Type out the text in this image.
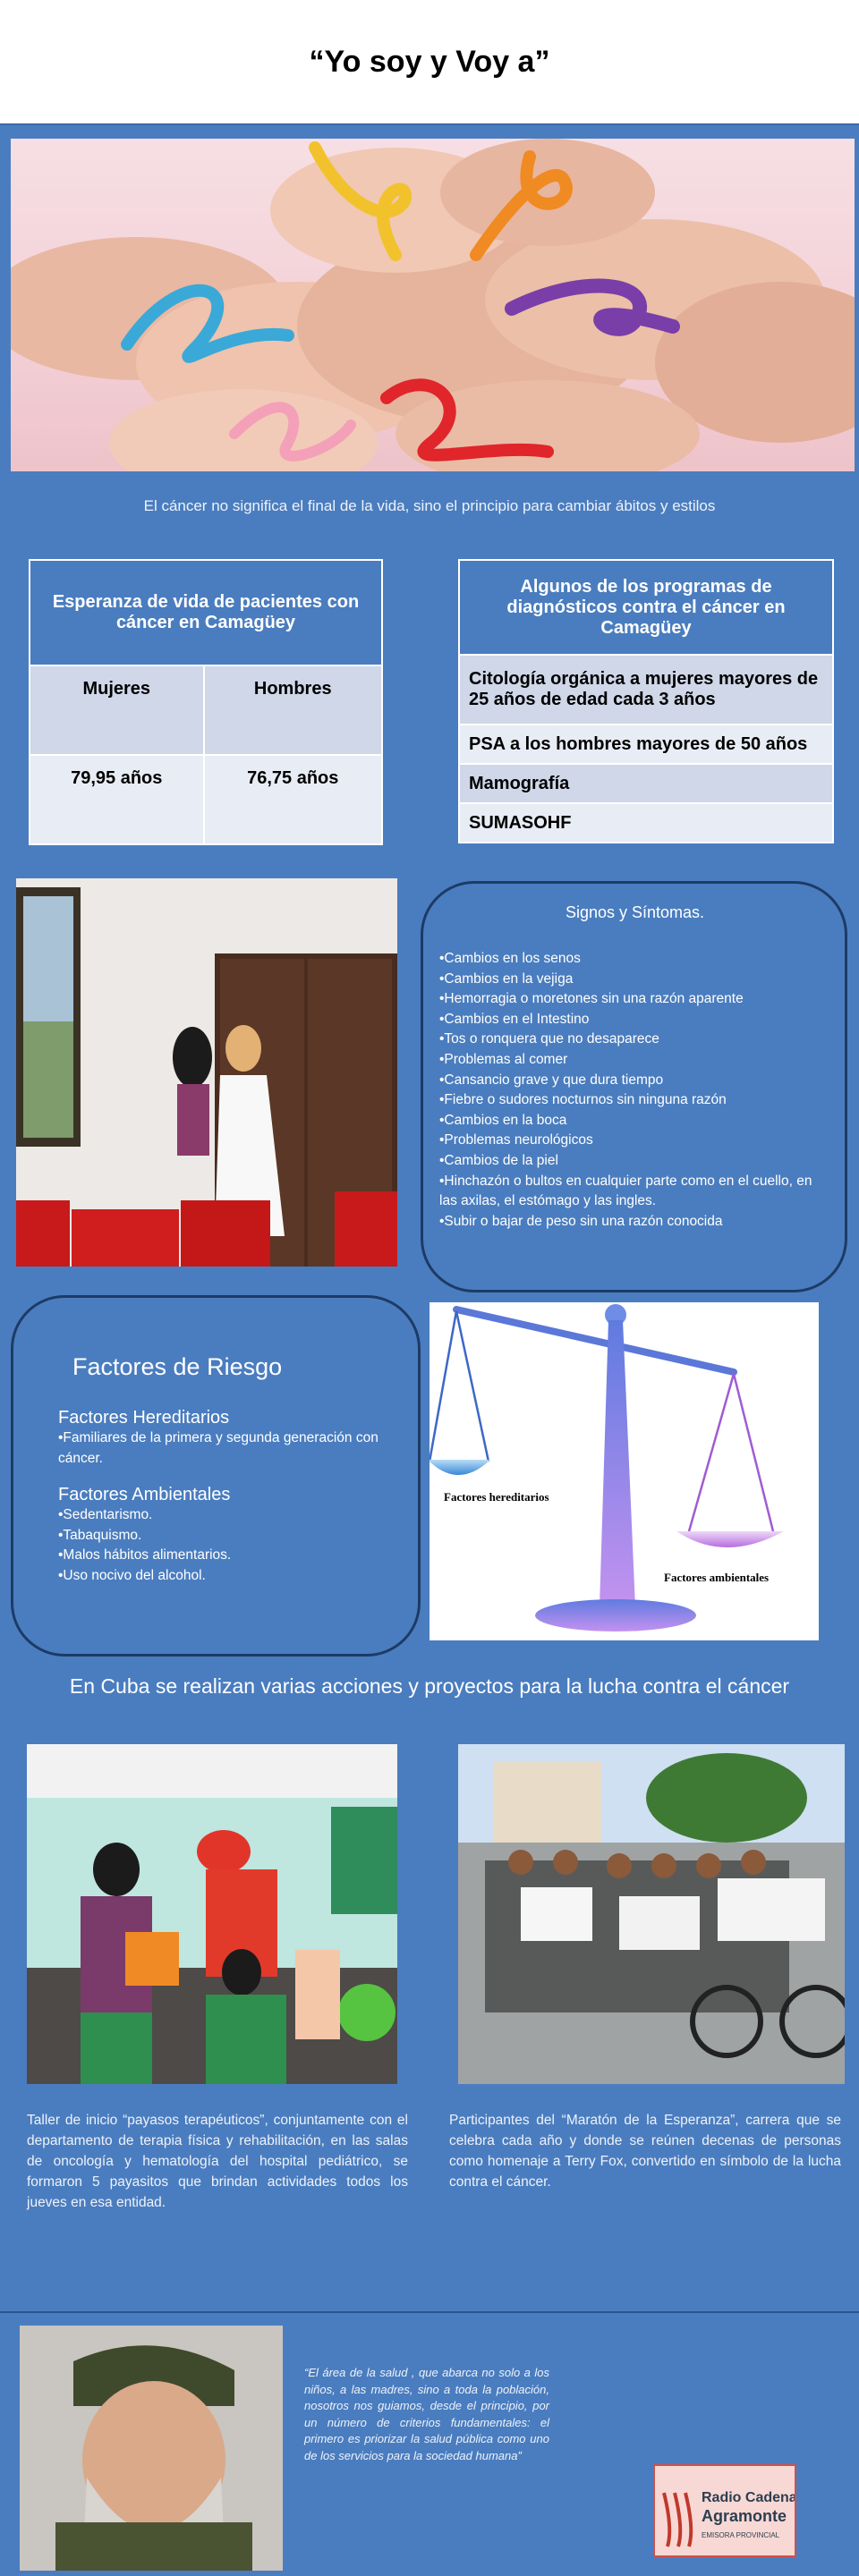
“Yo soy y Voy a”
El cáncer no significa el final de la vida, sino el principio para cambiar ábitos y estilos
Esperanza de vida de pacientes con cáncer en Camagüey	
Mujeres	Hombres
79,95 años	76,75 años
Algunos de los programas de diagnósticos contra el cáncer en Camagüey
Citología orgánica a mujeres mayores de 25 años de edad cada 3 años
PSA a los hombres mayores de 50 años
Mamografía
SUMASOHF
Signos y Síntomas.
•Cambios en los senos
•Cambios en la vejiga
•Hemorragia o moretones sin una razón aparente
•Cambios en el Intestino
•Tos o ronquera que no desaparece
•Problemas al comer
•Cansancio grave y que dura tiempo
•Fiebre o sudores nocturnos sin ninguna razón
•Cambios en la boca
•Problemas neurológicos
•Cambios de la piel
•Hinchazón o bultos en cualquier parte como en el cuello, en las axilas, el estómago y las ingles.
•Subir o bajar de peso sin una razón conocida
Factores de Riesgo
Factores Hereditarios

•Familiares de la primera y segunda generación con cáncer.

Factores Ambientales

•Sedentarismo.

•Tabaquismo.

•Malos hábitos alimentarios.

•Uso nocivo del alcohol.

Factores hereditarios
Factores ambientales
En Cuba se realizan varias acciones y proyectos para la lucha contra el cáncer
Taller de inicio “payasos terapéuticos”, conjuntamente con el departamento de terapia física y rehabilitación, en las salas de oncología y hematología del hospital pediátrico, se formaron 5 payasitos que brindan actividades todos los jueves en esa entidad.
Participantes del “Maratón de la Esperanza”, carrera que se celebra cada año y donde se reúnen decenas de personas como homenaje a Terry Fox, convertido en símbolo de la lucha contra el cáncer.
“El área de la salud , que abarca no solo a los niños, a las madres, sino a toda la población, nosotros nos guiamos, desde el principio, por un número de criterios fundamentales: el primero es priorizar la salud pública como uno de los servicios para la sociedad humana”
Radio Cadena
Agramonte
EMISORA PROVINCIAL
